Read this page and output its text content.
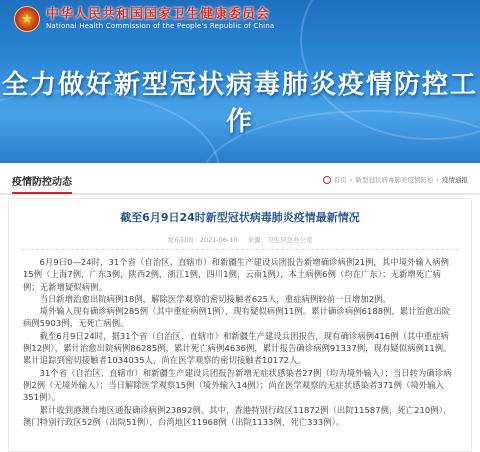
★	中华人民共和国国家卫生健康委员会
National Health Commission of the People's Republic of China
全力做好新型冠状病毒肺炎疫情防控工作
疫情防控动态	首页 › 新型冠状病毒肺炎疫情防控 › 疫情通报
截至6月9日24时新型冠状病毒肺炎疫情最新情况
发布时间：2021-06-10 来源：卫生应急办公室

6月9日0—24时，31个省（自治区、直辖市）和新疆生产建设兵团报告新增确诊病例21例，其中境外输入病例15例（上海7例，广东3例，陕西2例，浙江1例，四川1例，云南1例），本土病例6例（均在广东）；无新增死亡病例；无新增疑似病例。

当日新增治愈出院病例18例，解除医学观察的密切接触者625人，重症病例较前一日增加2例。

境外输入现有确诊病例285例（其中重症病例1例），现有疑似病例11例。累计确诊病例6188例，累计治愈出院病例5903例，无死亡病例。

截至6月9日24时，据31个省（自治区、直辖市）和新疆生产建设兵团报告，现有确诊病例416例（其中重症病例12例），累计治愈出院病例86285例，累计死亡病例4636例，累计报告确诊病例91337例，现有疑似病例11例。累计追踪到密切接触者1034035人，尚在医学观察的密切接触者10172人。

31个省（自治区、直辖市）和新疆生产建设兵团报告新增无症状感染者27例（均为境外输入）；当日转为确诊病例2例（无境外输入）；当日解除医学观察15例（境外输入14例）；尚在医学观察的无症状感染者371例（境外输入351例）。

累计收到港澳台地区通报确诊病例23892例。其中，香港特别行政区11872例（出院11587例，死亡210例），澳门特别行政区52例（出院51例），台湾地区11968例（出院1133例，死亡333例）。
